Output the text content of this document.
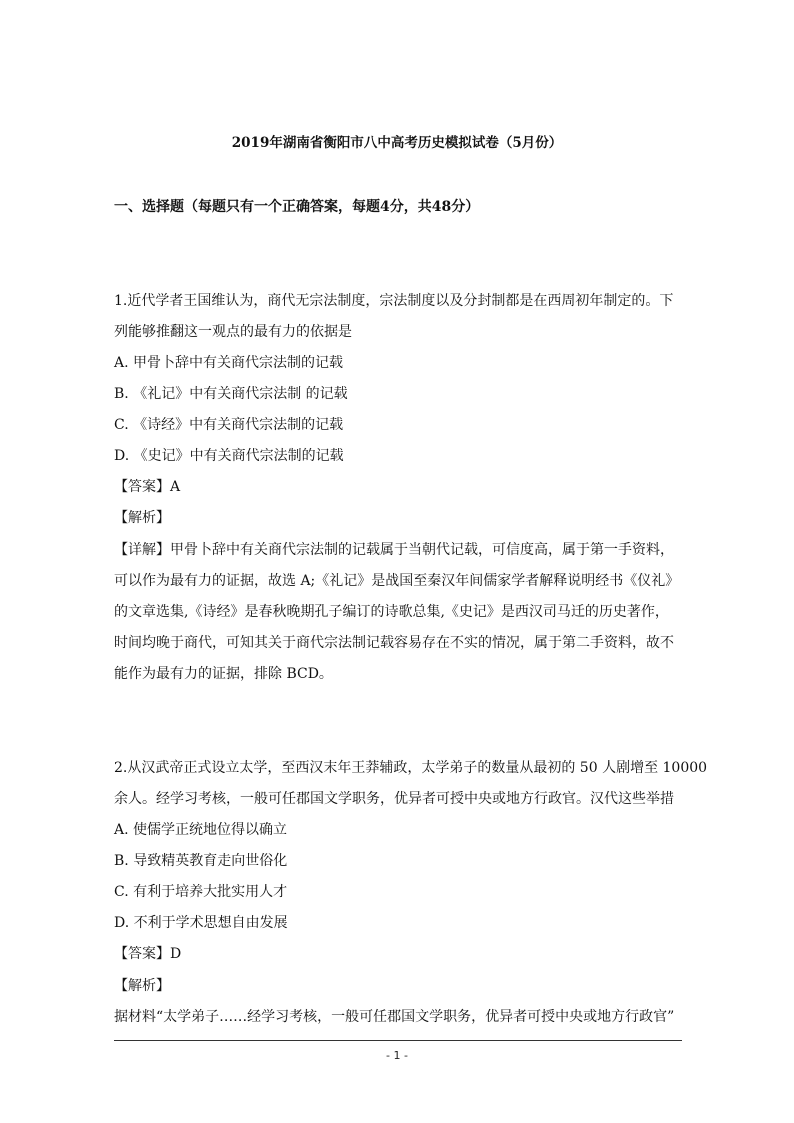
2019年湖南省衡阳市八中高考历史模拟试卷（5月份）
一、选择题（每题只有一个正确答案，每题4分，共48分）
1.近代学者王国维认为，商代无宗法制度，宗法制度以及分封制都是在西周初年制定的。下
列能够推翻这一观点的最有力的依据是
A. 甲骨卜辞中有关商代宗法制的记载
B. 《礼记》中有关商代宗法制 的记载
C. 《诗经》中有关商代宗法制的记载
D. 《史记》中有关商代宗法制的记载
【答案】A
【解析】
【详解】甲骨卜辞中有关商代宗法制的记载属于当朝代记载，可信度高，属于第一手资料，
可以作为最有力的证据，故选 A;《礼记》是战国至秦汉年间儒家学者解释说明经书《仪礼》
的文章选集,《诗经》是春秋晚期孔子编订的诗歌总集,《史记》是西汉司马迁的历史著作，
时间均晚于商代，可知其关于商代宗法制记载容易存在不实的情况，属于第二手资料，故不
能作为最有力的证据，排除 BCD。
2.从汉武帝正式设立太学，至西汉末年王莽辅政，太学弟子的数量从最初的 50 人剧增至 10000
余人。经学习考核，一般可任郡国文学职务，优异者可授中央或地方行政官。汉代这些举措
A. 使儒学正统地位得以确立
B. 导致精英教育走向世俗化
C. 有利于培养大批实用人才
D. 不利于学术思想自由发展
【答案】D
【解析】
据材料“太学弟子……经学习考核，一般可任郡国文学职务，优异者可授中央或地方行政官”
- 1 -
